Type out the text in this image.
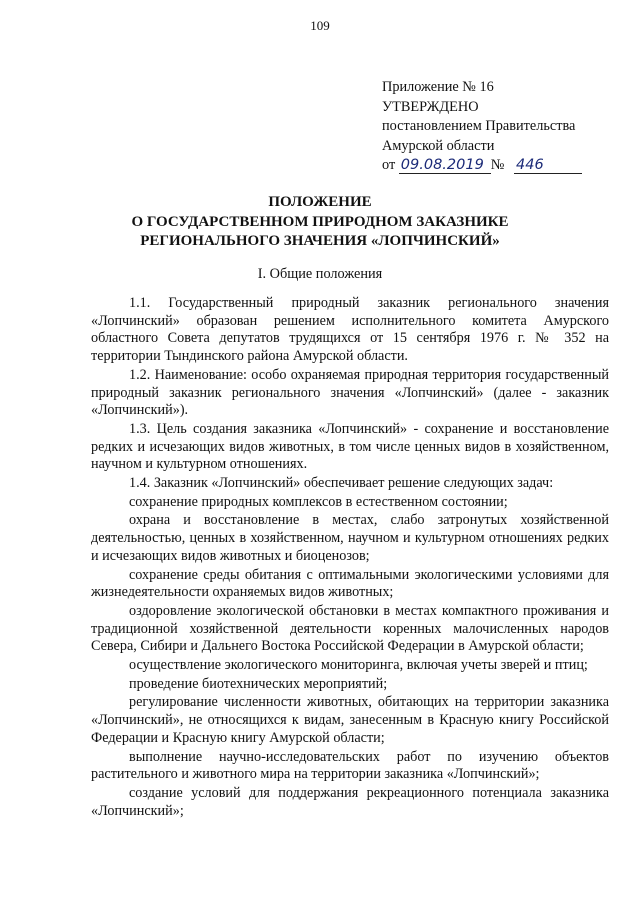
109
Приложение № 16
УТВЕРЖДЕНО
постановлением Правительства
Амурской области
от 09.08.2019 № 446
ПОЛОЖЕНИЕ
О ГОСУДАРСТВЕННОМ ПРИРОДНОМ ЗАКАЗНИКЕ
РЕГИОНАЛЬНОГО ЗНАЧЕНИЯ «ЛОПЧИНСКИЙ»
I. Общие положения

1.1. Государственный природный заказник регионального значения «Лопчинский» образован решением исполнительного комитета Амурского областного Совета депутатов трудящихся от 15 сентября 1976 г. № 352 на территории Тындинского района Амурской области.

1.2. Наименование: особо охраняемая природная территория государственный природный заказник регионального значения «Лопчинский» (далее - заказник «Лопчинский»).

1.3. Цель создания заказника «Лопчинский» - сохранение и восстановление редких и исчезающих видов животных, в том числе ценных видов в хозяйственном, научном и культурном отношениях.

1.4. Заказник «Лопчинский» обеспечивает решение следующих задач:

сохранение природных комплексов в естественном состоянии;

охрана и восстановление в местах, слабо затронутых хозяйственной деятельностью, ценных в хозяйственном, научном и культурном отношениях редких и исчезающих видов животных и биоценозов;

сохранение среды обитания с оптимальными экологическими условиями для жизнедеятельности охраняемых видов животных;

оздоровление экологической обстановки в местах компактного проживания и традиционной хозяйственной деятельности коренных малочисленных народов Севера, Сибири и Дальнего Востока Российской Федерации в Амурской области;

осуществление экологического мониторинга, включая учеты зверей и птиц;

проведение биотехнических мероприятий;

регулирование численности животных, обитающих на территории заказника «Лопчинский», не относящихся к видам, занесенным в Красную книгу Российской Федерации и Красную книгу Амурской области;

выполнение научно-исследовательских работ по изучению объектов растительного и животного мира на территории заказника «Лопчинский»;

создание условий для поддержания рекреационного потенциала заказника «Лопчинский»;
